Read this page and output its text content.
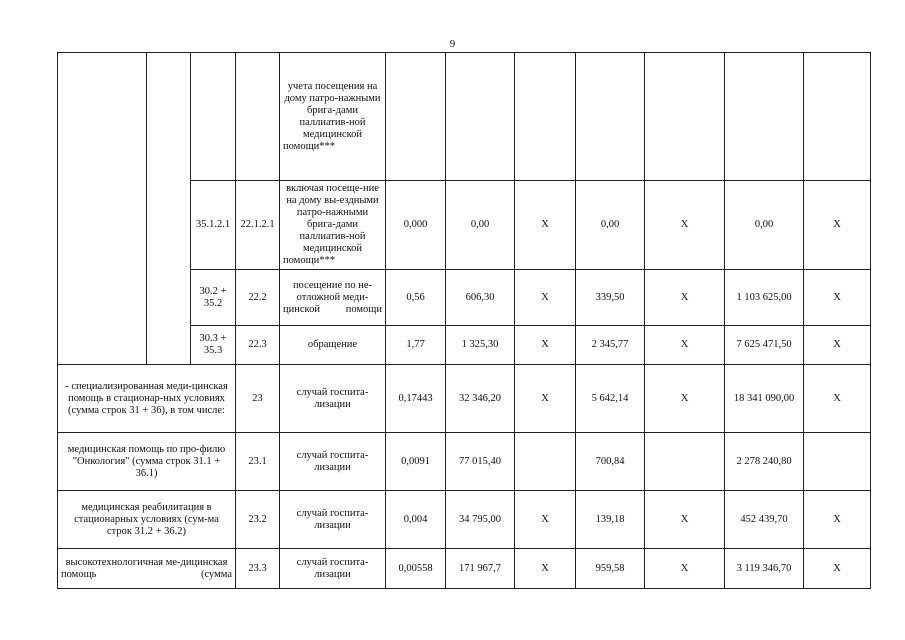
9
				учета посещения на дому патро-нажными брига-дами паллиатив-ной медицинской помощи***							
		35.1.2.1	22.1.2.1	включая посеще-ние на дому вы-ездными патро-нажными брига-дами паллиатив-ной медицинской помощи***	0,000	0,00	X	0,00	X	0,00	X
		30.2 + 35.2	22.2	посещение по не-отложной меди-цинской помощи	0,56	606,30	X	339,50	X	1 103 625,00	X
		30.3 + 35.3	22.3	обращение	1,77	1 325,30	X	2 345,77	X	7 625 471,50	X
- специализированная меди-цинская помощь в стационар-ных условиях (сумма строк 31 + 36), в том числе:			23	случай госпита-лизации	0,17443	32 346,20	X	5 642,14	X	18 341 090,00	X
медицинская помощь по про-филю "Онкология" (сумма строк 31.1 + 36.1)			23.1	случай госпита-лизации	0,0091	77 015,40		700,84		2 278 240,80	
медицинская реабилитация в стационарных условиях (сум-ма строк 31.2 + 36.2)			23.2	случай госпита-лизации	0,004	34 795,00	X	139,18	X	452 439,70	X
высокотехнологичная ме-дицинская помощь (сумма			23.3	случай госпита-лизации	0,00558	171 967,7	X	959,58	X	3 119 346,70	X
